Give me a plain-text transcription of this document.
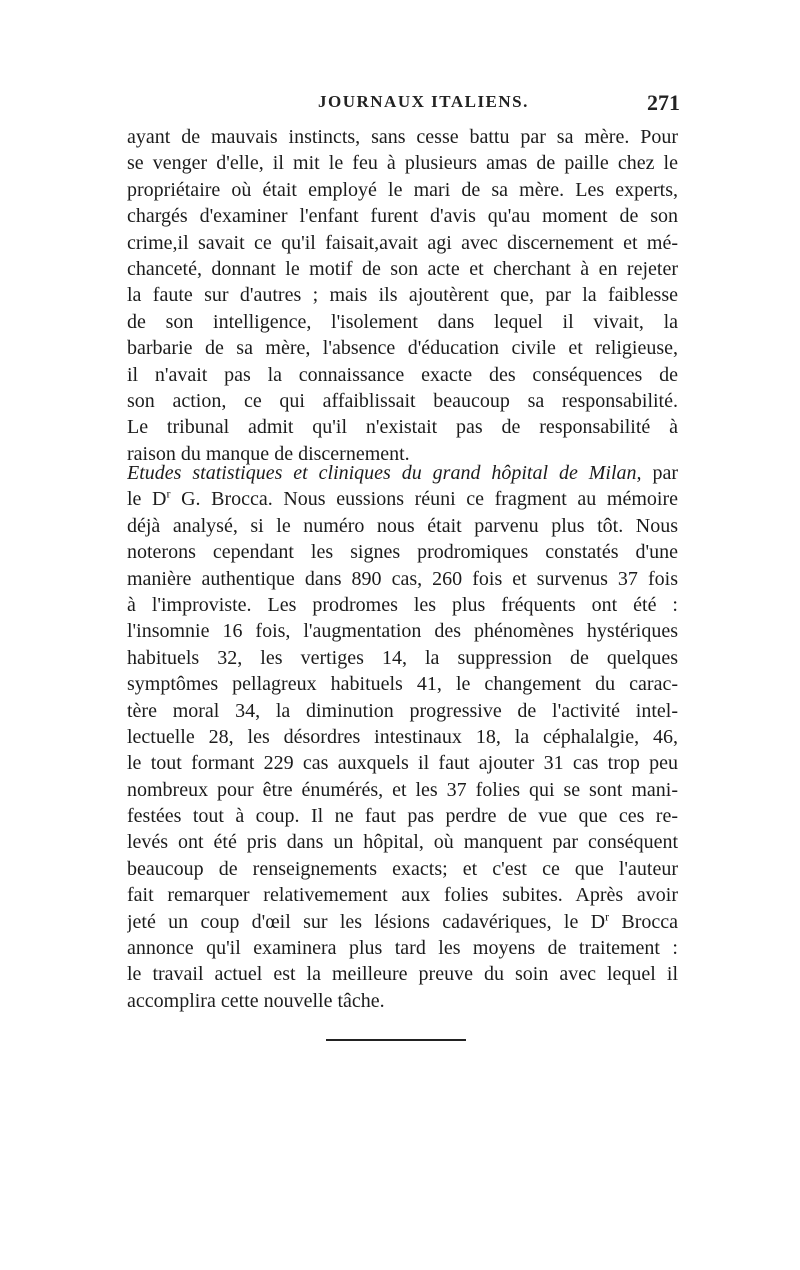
JOURNAUX ITALIENS.	271
ayant de mauvais instincts, sans cesse battu par sa mère. Pour
se venger d'elle, il mit le feu à plusieurs amas de paille chez le
propriétaire où était employé le mari de sa mère. Les experts,
chargés d'examiner l'enfant furent d'avis qu'au moment de son
crime,il savait ce qu'il faisait,avait agi avec discernement et mé-
chanceté, donnant le motif de son acte et cherchant à en rejeter
la faute sur d'autres ; mais ils ajoutèrent que, par la faiblesse
de son intelligence, l'isolement dans lequel il vivait, la
barbarie de sa mère, l'absence d'éducation civile et religieuse,
il n'avait pas la connaissance exacte des conséquences de
son action, ce qui affaiblissait beaucoup sa responsabilité.
Le tribunal admit qu'il n'existait pas de responsabilité à
raison du manque de discernement.
Etudes statistiques et cliniques du grand hôpital de Milan, par
le $D^r$ G. Brocca. Nous eussions réuni ce fragment au mémoire
déjà analysé, si le numéro nous était parvenu plus tôt. Nous
noterons cependant les signes prodromiques constatés d'une
manière authentique dans 890 cas, 260 fois et survenus 37 fois
à l'improviste. Les prodromes les plus fréquents ont été :
l'insomnie 16 fois, l'augmentation des phénomènes hystériques
habituels 32, les vertiges 14, la suppression de quelques
symptômes pellagreux habituels 41, le changement du carac-
tère moral 34, la diminution progressive de l'activité intel-
lectuelle 28, les désordres intestinaux 18, la céphalalgie, 46,
le tout formant 229 cas auxquels il faut ajouter 31 cas trop peu
nombreux pour être énumérés, et les 37 folies qui se sont mani-
festées tout à coup. Il ne faut pas perdre de vue que ces re-
levés ont été pris dans un hôpital, où manquent par conséquent
beaucoup de renseignements exacts; et c'est ce que l'auteur
fait remarquer relativemement aux folies subites. Après avoir
jeté un coup d'œil sur les lésions cadavériques, le $D^r$ Brocca
annonce qu'il examinera plus tard les moyens de traitement :
le travail actuel est la meilleure preuve du soin avec lequel il
accomplira cette nouvelle tâche.
